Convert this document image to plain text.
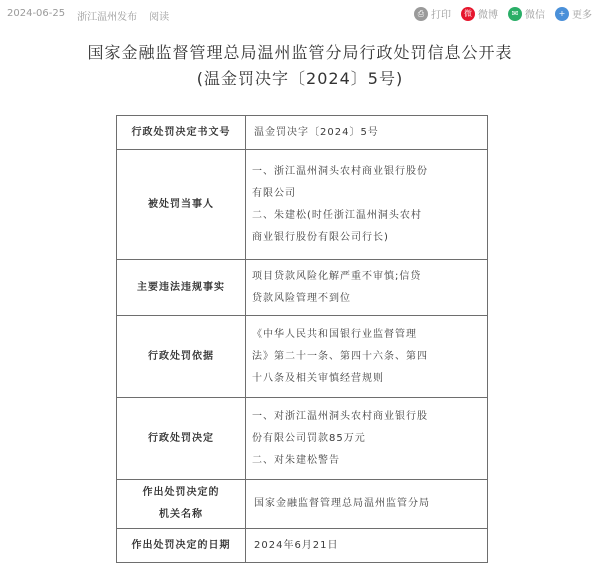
2024-06-25 浙江温州发布 阅读	⎙ 打印	微 微博	✉ 微信	+ 更多
国家金融监督管理总局温州监管分局行政处罚信息公开表
(温金罚决字〔2024〕5号)
行政处罚决定书文号	温金罚决字〔2024〕5号

被处罚当事人	一、浙江温州洞头农村商业银行股份
有限公司
二、朱建松(时任浙江温州洞头农村
商业银行股份有限公司行长)

主要违法违规事实	项目贷款风险化解严重不审慎;信贷
贷款风险管理不到位

行政处罚依据	《中华人民共和国银行业监督管理
法》第二十一条、第四十六条、第四
十八条及相关审慎经营规则

行政处罚决定	一、对浙江温州洞头农村商业银行股
份有限公司罚款85万元
二、对朱建松警告

作出处罚决定的
机关名称	国家金融监督管理总局温州监管分局

作出处罚决定的日期	2024年6月21日
